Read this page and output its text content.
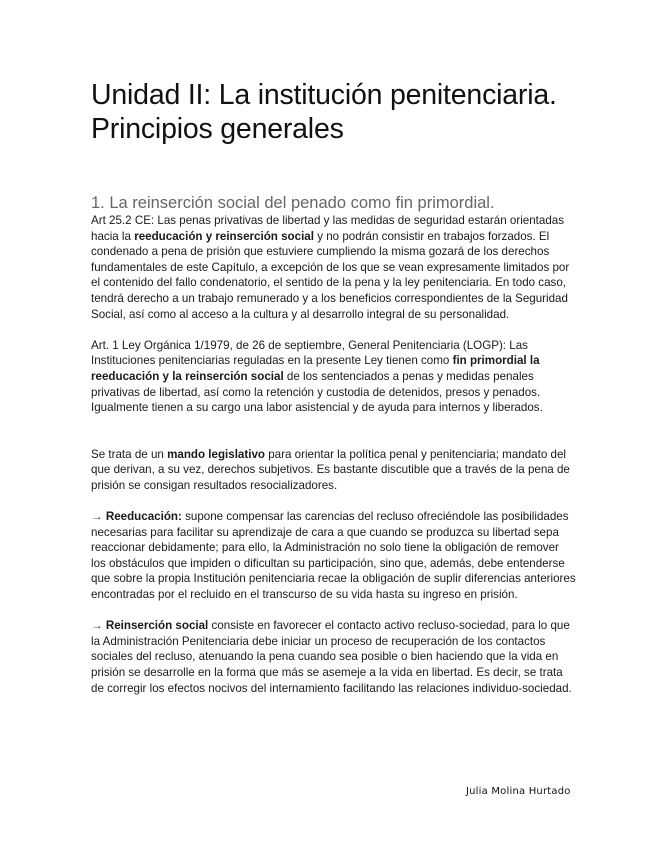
Unidad II: La institución penitenciaria. Principios generales
1. La reinserción social del penado como fin primordial.

Art 25.2 CE: Las penas privativas de libertad y las medidas de seguridad estarán orientadas hacia la reeducación y reinserción social y no podrán consistir en trabajos forzados. El condenado a pena de prisión que estuviere cumpliendo la misma gozará de los derechos fundamentales de este Capítulo, a excepción de los que se vean expresamente limitados por el contenido del fallo condenatorio, el sentido de la pena y la ley penitenciaria. En todo caso, tendrá derecho a un trabajo remunerado y a los beneficios correspondientes de la Seguridad Social, así como al acceso a la cultura y al desarrollo integral de su personalidad.

Art. 1 Ley Orgánica 1/1979, de 26 de septiembre, General Penitenciaria (LOGP): Las Instituciones penitenciarias reguladas en la presente Ley tienen como fin primordial la reeducación y la reinserción social de los sentenciados a penas y medidas penales privativas de libertad, así como la retención y custodia de detenidos, presos y penados. Igualmente tienen a su cargo una labor asistencial y de ayuda para internos y liberados.

Se trata de un mando legislativo para orientar la política penal y penitenciaria; mandato del que derivan, a su vez, derechos subjetivos. Es bastante discutible que a través de la pena de prisión se consigan resultados resocializadores.

→ Reeducación: supone compensar las carencias del recluso ofreciéndole las posibilidades necesarias para facilitar su aprendizaje de cara a que cuando se produzca su libertad sepa reaccionar debidamente; para ello, la Administración no solo tiene la obligación de remover los obstáculos que impiden o dificultan su participación, sino que, además, debe entenderse que sobre la propia Institución penitenciaria recae la obligación de suplir diferencias anteriores encontradas por el recluido en el transcurso de su vida hasta su ingreso en prisión.

→ Reinserción social consiste en favorecer el contacto activo recluso-sociedad, para lo que la Administración Penitenciaria debe iniciar un proceso de recuperación de los contactos sociales del recluso, atenuando la pena cuando sea posible o bien haciendo que la vida en prisión se desarrolle en la forma que más se asemeje a la vida en libertad. Es decir, se trata de corregir los efectos nocivos del internamiento facilitando las relaciones individuo-sociedad.

Julia Molina Hurtado
